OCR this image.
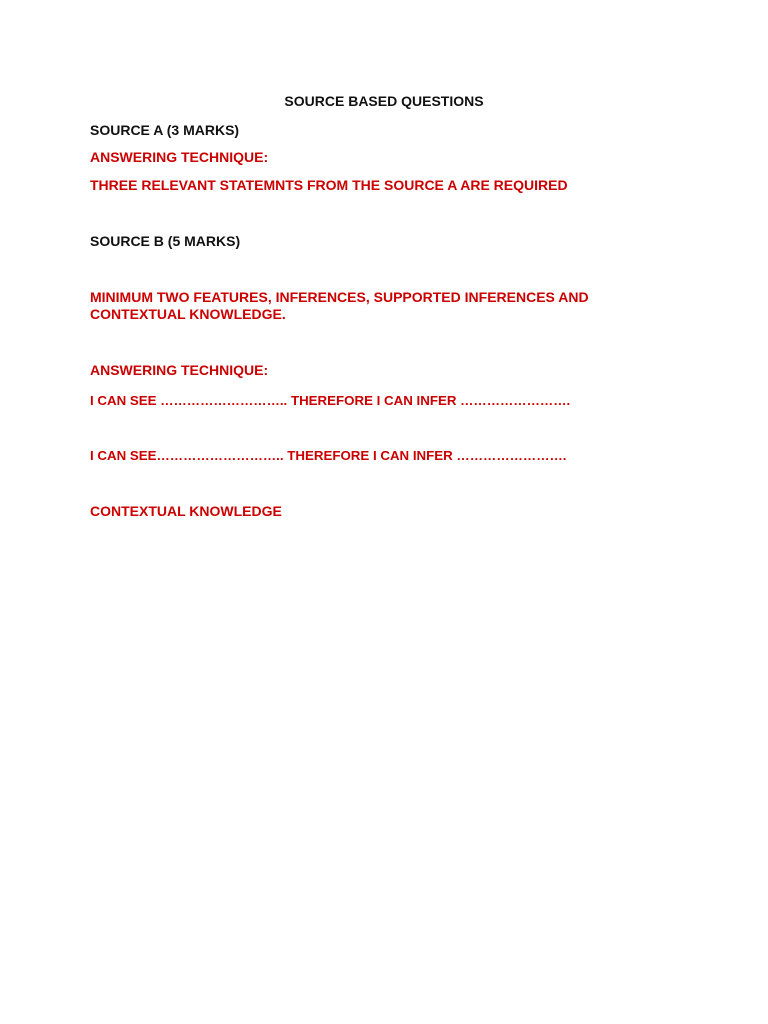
SOURCE BASED QUESTIONS

SOURCE A (3 MARKS)

ANSWERING TECHNIQUE:

THREE RELEVANT STATEMNTS FROM THE SOURCE A ARE REQUIRED

SOURCE B (5 MARKS)

MINIMUM TWO FEATURES, INFERENCES, SUPPORTED INFERENCES AND

CONTEXTUAL KNOWLEDGE.

ANSWERING TECHNIQUE:

I CAN SEE ……………………….. THEREFORE I CAN INFER …………………….

I CAN SEE……………………….. THEREFORE I CAN INFER …………………….

CONTEXTUAL KNOWLEDGE
